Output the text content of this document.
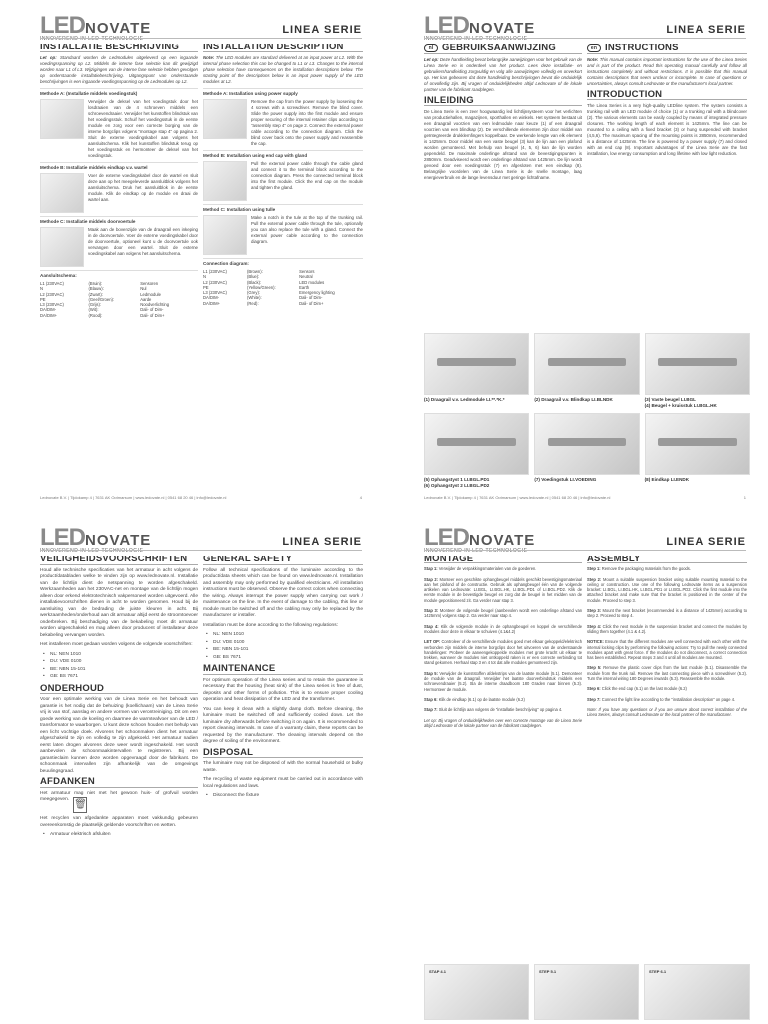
LEDNOVATE
INNOVEREND IN LED-TECHNOLOGIE
LINEA SERIE
INSTALLATIE BESCHRIJVING
Let op: Standaard worden de Ledmodules uitgeleverd op een ingaande voedingsspanning op L2. Middels de interne fase selectie kan dit gewijzigd worden naar L1 of L3. Wijzigingen van de interne fase selectie hebben gevolgen op onderstaande installatiebeschrijving. Uitgangspunt van onderstaande beschrijvingen is een ingaande voedingsspanning op de Ledmodules op L2.
Methode A: (Installatie middels voedingstuk)
Verwijder de deksel van het voedingstuk door het losdraaien van de 4 schroeven middels een schroevendraaier. Verwijder het kunstoffen blindstuk van het voedingsstuk. Schuif het voedingsstuk in de eerste module en zorg voor een correcte borging van de interne borgclips volgens "montage stap 4" op pagina 2. Sluit de externe voedingskabel aan volgens het aansluitschema. Klik het kunstoffen blindstuk terug op het voedingsstuk en hermonteer de deksel van het voedingstuk.
Methode B: Installatie middels eindkap v.v. wartel
Voer de externe voedingskabel door de wartel en sluit deze aan op het meegeleverde aansluitblok volgens het aansluitschema. Druk het aansluitblok in de eerste module. Klik de eindkap op de module en draai de wartel aan.
Methode C: Installatie middels doorvoertule
Maak aan de bovenzijde van de draagrail een inkeping in de doorvoertule. Voer de externe voedingskabel door de doorvoertule, optioneel kunt u de doorvoertule ook vervangen door een wartel. Sluit de externe voedingskabel aan volgens het aansluitschema.
Aansluitschema:
L1 (230VAC)	(Bruin):	Sensoren
N	(Blauw):	Nul
L2 (230VAC)	(Zwart):	Ledmodule
PE	(Geel/Groen):	Aarde
L3 (230VAC)	(Grijs):	Noodverlichting
DA/DIM-	(Wit):	Dali- of Dim-
DA/DIM+	(Rood):	Dali- of Dim+
INSTALLATION DESCRIPTION
Note: The LED modules are standard delivered at an input power at L2. With the internal phase selection this can be changed to L1 or L3. Changes to the internal phase selection have consequences on the installation descriptions below. The starting point of the descriptions below is an input power supply of the LED modules at L2.
Methode A: Installation using power supply
Remove the cap from the power supply by loosening the 4 screws with a screwdriver. Remove the blind cover. Slide the power supply into the first module and ensure proper securing of the internal retainer clips according to "assembly step 4" on page 2. Connect the external power cable according to the connection diagram. Click the blind cover back onto the power supply and reassemble the cap.
Method B: Installation using end cap with gland
Pull the external power cable through the cable gland and connect it to the terminal block according to the connection diagram. Press the connected terminal block into the first module. Click the end cap on the module and tighten the gland.
Method C: Installation using tulle
Make a notch in the tule at the top of the trunking rail. Pull the external power cable through the tule, optionally you can also replace the tule with a gland. Connect the external power cable according to the connection diagram.
Connection diagram:
L1 (230VAC)	(Brown):	Sensors
N	(Blue):	Neutral
L2 (230VAC)	(Black):	LED modules
PE	(Yellow/Green):	Earth
L3 (230VAC)	(Grey):	Emergency lighting
DA/DIM-	(White):	Dali- of Dim-
DA/DIM+	(Red):	Dali- of Dim+
Lednovate B.V. | Tijdokamp 4 | 7631 AK Ootmarsum | www.ledovate.nl | 0541 68 20 46 | info@ledovate.nl	4
LEDNOVATE
INNOVEREND IN LED-TECHNOLOGIE
LINEA SERIE
nl GEBRUIKSAANWIJZING
Let op: Deze handleiding bevat belangrijke aanwijzingen voor het gebruik van de Linea Serie en is onderdeel van het product. Lees deze installatie- en gebruikershandleiding zorgvuldig en volg alle aanwijzingen volledig en onverkort op. Het kan gebeuren dat deze handleiding beschrijvingen bevat die onduidelijk of onvolledig zijn. Bij vragen of onduidelijkheden altijd Lednovate of de lokale partner van de fabrikant raadplegen.
INLEIDING
De Linea Serie is een zeer hoogwaardig led lichtlijnsysteem voor het verlichten van productiehallen, magazijnen, sporthallen en winkels. Het systeem bestaat uit een draagrail voorzien van een ledmodule naar keuze (1) of een draagrail voorzien van een blindkap (2). De verschillende elementen zijn door middel van geïntegreerde drukklemfingers koppelbaar. De werkende lengte van elk element is 1425mm. Door middel van een vaste beugel (3) kan de lijn aan een plafond worden gemonteerd. Met behulp van beugel (4, 5, 6) kan de lijn worden gependeld. De maximale onderlinge afstand van de bevestigingspunten is 2850mm. Geadviseerd wordt een onderlinge afstand van 1425mm. De lijn wordt gevoed door een voedingsstuk (7) en afgesloten met een eindkap (8). Belangrijke voordelen van de Linea Serie is de snelle montage, laag energieverbruik en de lange levensduur met geringe lichtafname.
en INSTRUCTIONS
Note: This manual contains important instructions for the use of the Linea Series and is part of the product. Read this operating manual carefully and follow all instructions completely and without restrictions. It is possible that this manual contains descriptions that seem unclear or incomplete. In case of questions or uncertainties, always consult Lednovate or the manufacturer's local partner.
INTRODUCTION
The Linea Series is a very high-quality LEDline system. The system consists a trunking rail with an LED module of choice (1) or a trunking rail with a blindcover (2). The various elements can be easily coupled by means of integrated pressure closures. The working length of each element is 1425mm. The line can be mounted to a ceiling with a fixed bracket (3) or hung suspended with bracket (4,5,6). The maximum spacing of the mounting points is 2850mm, recommended is a distance of 1425mm. The line is powered by a power supply (7) and closed with an end cap (8). Important advantages of the Linea Serie are the fast installation, low energy consumption and long lifetime with low light reduction.
(1) Draagrail v.v. Ledmodule LI.**.*K.*	(2) Draagrail v.v. Blindkap LI.BLNDK	(3) Vaste beugel LI.BGL
(4) Beugel + kruisstuk LI.BGL.HK
(5) Ophangstyst 1 LI.BGL.PD1
(6) Ophangstyst 2 LI.BGL.PD2
(7) Voedingstuk LI.VOEDING	(8) Eindkap LI.ENDK
Lednovate B.V. | Tijdokamp 4 | 7631 AK Ootmarsum | www.ledovate.nl | 0541 68 20 46 | info@ledovate.nl	1
LEDNOVATE
INNOVEREND IN LED-TECHNOLOGIE
LINEA SERIE
VEILIGHEIDSVOORSCHRIFTEN
Houd alle technische specificaties van het armatuur in acht volgens de product/databladen welke te vinden zijn op www.lednovate.nl. Installatie van de lichtlijn dient de netspanning te worden afgeschakeld. Werkzaamheden aan het 230VAC-net en montage van de lichtlijn mogen alleen door erkend elektrotechnisch vakpersoneel worden uitgevoerd. Alle installatievoorschriften dienen in acht te worden genomen. Houd bij de aansluiting van de bedrading de juiste kleuren in acht. Bij werkzaamheden/onderhoud aan dit armatuur altijd eerst de stroomtoevoer onderbreken. Bij beschadiging van de bekabeling moet dit armatuur worden uitgeschakeld en mag alleen door producent of installateur deze bekabeling vervangen worden.
Het installeren moet gedaan worden volgens de volgende voorschriften:
• NL: NEN 1010
• DU: VDE 0100
• BE: NBN 15-101
• GB: BS 7671
ONDERHOUD
Voor een optimale werking van de Linea Serie en het behoudt van garantie is het nodig dat de behuizing (koellichaam) van de Linea Serie vrij is van stof, aanslag en andere vormen van verontreiniging. Dit om een goede werking van de koeling en daarmee de warmteafvoer van de LED / transformator te waarborgen. U kunt deze schoon houden met behulp van een licht vochtige doek. Alvorens het schoonmaken dient het armatuur afgeschakeld te zijn en volledig te zijn afgekoeld. Het armatuur nadien eerst laten drogen alvorens deze weer wordt ingeschakeld. Het wordt aanbevolen de schoonmaakintervallen te registreren. Bij een garantieclaim kunnen deze worden opgevraagd door de fabrikant. De schoonmaak intervallen zijn afhankelijk van de omgevings beuulingsgraad.
AFDANKEN
Het armatuur mag niet met het gewoon huis- of grofvuil worden meegegeven. 🗑
Het recyclen van afgedankte apparaten moet vakkundig gebeuren overeenkomstig de plaatselijk geldende voorschriften en wetten.
• Armatuur elektrisch afsluiten
GENERAL SAFETY
Follow all technical specifications of the luminaire according to the product/data sheets which can be found on www.lednovate.nl. Installation and assembly may only performed by qualified electricians. All installation instructions must be observed. Observe the correct colors when connecting the wiring. Always interrupt the power supply when carrying out work / maintenance on the line. In the event of damage to the cabling, this line or module must be switched off and the cabling may only be replaced by the manufacturer or installer.
Installation must be done according to the following regulations:
• NL: NEN 1010
• DU: VDE 0100
• BE: NBN 15-101
• GB: BS 7671
MAINTENANCE
For optimum operation of the Linea series and to retain the guarantee is necessary that the housing (heat sink) of the Linea series is free of dust, deposits and other forms of pollution. This is to ensure proper cooling operation and heat dissipation of the LED and the transformer.
You can keep it clean with a slightly damp cloth. Before cleaning, the luminaire must be switched off and sufficiently cooled down. Let the luminaire dry afterwards before switching it on again. It is recommended to report cleaning intervals. In case of a warranty claim, these reports can be requested by the manufacturer. The cleaning intervals depend on the degree of soiling of the environment.
DISPOSAL
The luminaire may not be disposed of with the normal household or bulky waste.
The recycling of waste equipment must be carried out in accordance with local regulations and laws.
• Disconnect the fixture
LEDNOVATE
INNOVEREND IN LED-TECHNOLOGIE
LINEA SERIE
MONTAGE
Stap 1: Verwijder de verpakkingsmaterialen van de goederen.
Stap 2: Monteer een geschikte ophangbeugel middels geschikt bevestigingsmateriaal aan het plafond of de constructie. Gebruik als ophangbeugel één van de volgende artikelen van Lednovate: LI.BGL, LI.BGL.HK, LI.BGL.PD1 of LI.BGL.PD2. Klik de eerste module in de bevestigde beugel en zorg dat de beugel in het midden van de module gepositioneerd zit. Ga verder naar stap 3.
Stap 3: Monteer de volgende beugel (aanbevolen wordt een onderlinge afstand van 1425mm) volgens stap 2. Ga verder naar stap 4.
Stap 4: Klik de volgende module in de ophangbeugel en koppel de verschillende modules door deze in elkaar te schuiven (4.1&4.2)
LET OP: Controleer of de verschillende modules goed met elkaar gekoppeld/elektrisch verbonden zijn middels de interne borgclips door het uitvoeren van de onderstaande handelingen: Probeer de aaneengekoppelde modules met grote kracht uit elkaar te trekken, wanneer de modules niet ontkoppeld raken is er een correcte verbinding tot stand gekomen. Herhaal stap 3 en 4 tot dat alle modules gemonteerd zijn.
Stap 5: Verwijder de kunststoffen afdekstrips van de laatste module (5.1). Demonteer de module van de draagrail. Verwijder het laatste doorverbindstuk middels een schroevendraaier (5.2). Sla de interne draadboom 180 Graden naar binnen (5.3). Hermonteer de module.
Stap 6: Klik de eindkap (6.1) op de laatste module (6.2)
Stap 7: Sluit de lichtlijn aan volgens de "installatie beschrijving" op pagina 4.
Let op: Bij vragen of onduidelijkheden over een correcte montage van de Linea Serie altijd Lednovate of de lokale partner van de fabrikant raadplegen.
ASSEMBLY
Step 1: Remove the packaging materials from the goods.
Step 2: Mount a suitable suspension bracket using suitable mounting material to the ceiling or construction. Use one of the following Lednovate items as a suspension bracket: LI.BGL, LI.BGL.HK, LI.BGL.PD1 or LI.BGL.PD2. Click the first module into the attached bracket and make sure that the bracket is positioned in the center of the module. Proceed to step 3.
Step 3: Mount the next bracket (recommended is a distance of 1425mm) according to step 2. Proceed to step 4.
Step 4: Click the next module in the suspension bracket and connect the modules by sliding them together (4.1 & 4.2).
NOTICE: Ensure that the different modules are well connected with each other with the internal locking clips by performing the following actions: Try to pull the newly connected modules apart with great force. If the modules do not disconnect, a correct connection has been established. Repeat steps 3 and 4 until all modules are mounted.
Step 5: Remove the plastic cover clips from the last module (5.1). Disassemble the module from the trunk rail. Remove the last connecting piece with a screwdriver (5.2). Turn the internal wiring 180 Degrees inwards (5.3). Reassemble the module.
Step 6: Click the end cap (6.1) on the last module (6.2)
Step 7: Connect the light line according to the "installation description" on page 4.
Note: If you have any questions or if you are unsure about correct installation of the Linea Series, always consult Lednovate or the local partner of the manufacturer.
STAP 4.1	STEP 5.1	STEP 6.1
